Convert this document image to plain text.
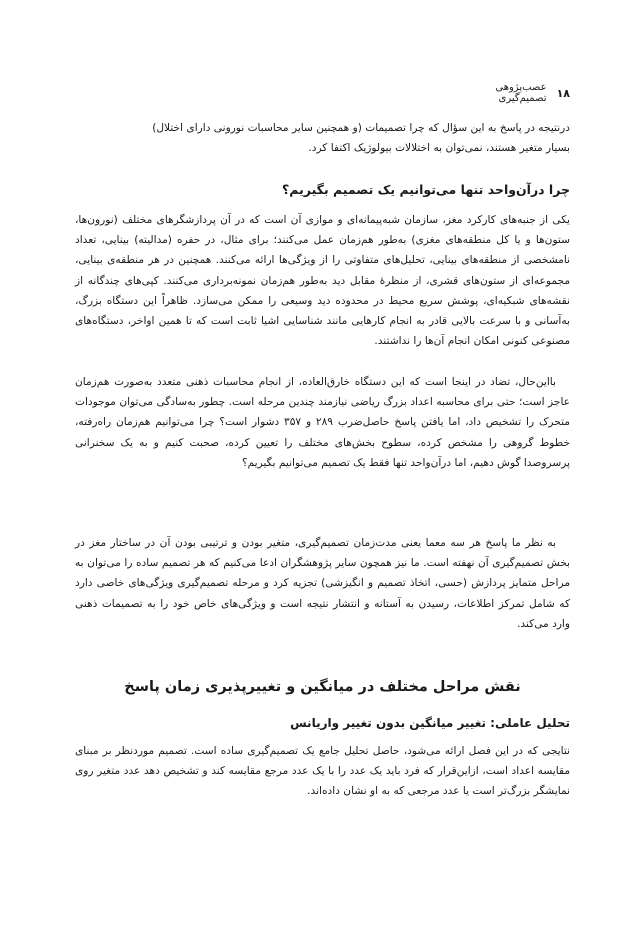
۱۸
عصب‌پژوهی تصمیم‌گیری

درنتیجه در پاسخ به این سؤال که چرا تصمیمات (و همچنین سایر محاسبات نورونی دارای اختلال)

بسیار متغیر هستند، نمی‌توان به اختلالات بیولوژیک اکتفا کرد.

چرا درآن‌واحد تنها می‌توانیم یک تصمیم بگیریم؟

یکی از جنبه‌های کارکرد مغز، سازمان شبه‌پیمانه‌ای و موازی آن است که در آن پردازشگرهای مختلف (نورون‌ها، ستون‌ها و یا کل منطقه‌های مغزی) به‌طور هم‌زمان عمل می‌کنند؛ برای مثال، در حفره (مدالیته) بینایی، تعداد نامشخصی از منطقه‌های بینایی، تحلیل‌های متفاوتی را از ویژگی‌ها ارائه می‌کنند. همچنین در هر منطقه‌ی بینایی، مجموعه‌ای از ستون‌های قشری، از منظرۀ مقابل دید به‌طور هم‌زمان نمونه‌برداری می‌کنند. کپی‌های چندگانه از نقشه‌های شبکیه‌ای، پوشش سریع محیط در محدوده دید وسیعی را ممکن می‌سازد. ظاهراً این دستگاه بزرگ، به‌آسانی و با سرعت بالایی قادر به انجام کارهایی مانند شناسایی اشیا ثابت است که تا همین اواخر، دستگاه‌های مصنوعی کنونی امکان انجام آن‌ها را نداشتند.

بااین‌حال، تضاد در اینجا است که این دستگاه خارق‌العاده، از انجام محاسبات ذهنی متعدد به‌صورت هم‌زمان عاجز است؛ حتی برای محاسبه اعداد بزرگ ریاضی نیازمند چندین مرحله است. چطور به‌سادگی می‌توان موجودات متحرک را تشخیص داد، اما یافتن پاسخ حاصل‌ضرب ۲۸۹ و ۳۵۷ دشوار است؟ چرا می‌توانیم هم‌زمان راه‌رفته، خطوط گروهی را مشخص کرده، سطوح بخش‌های مختلف را تعیین کرده، صحبت کنیم و به یک سخنرانی پرسروصدا گوش دهیم، اما درآن‌واحد تنها فقط یک تصمیم می‌توانیم بگیریم؟

به نظر ما پاسخ هر سه معما یعنی مدت‌زمان تصمیم‌گیری، متغیر بودن و ترتیبی بودن آن در ساختار مغز در بخش تصمیم‌گیری آن نهفته است. ما نیز همچون سایر پژوهشگران ادعا می‌کنیم که هر تصمیم ساده را می‌توان به مراحل متمایز پردازش (حسی، اتخاذ تصمیم و انگیزشی) تجزیه کرد و مرحله تصمیم‌گیری ویژگی‌های خاصی دارد که شامل تمرکز اطلاعات، رسیدن به آستانه و انتشار نتیجه است و ویژگی‌های خاص خود را به تصمیمات ذهنی وارد می‌کند.

نقش مراحل مختلف در میانگین و تغییرپذیری زمان پاسخ
تحلیل عاملی: تغییر میانگین بدون تغییر واریانس

نتایجی که در این فصل ارائه می‌شود، حاصل تحلیل جامع یک تصمیم‌گیری ساده است. تصمیم موردنظر بر مبنای مقایسه اعداد است، ازاین‌قرار که فرد باید یک عدد را با یک عدد مرجع مقایسه کند و تشخیص دهد عدد متغیر روی نمایشگر بزرگ‌تر است یا عدد مرجعی که به او نشان داده‌اند.
